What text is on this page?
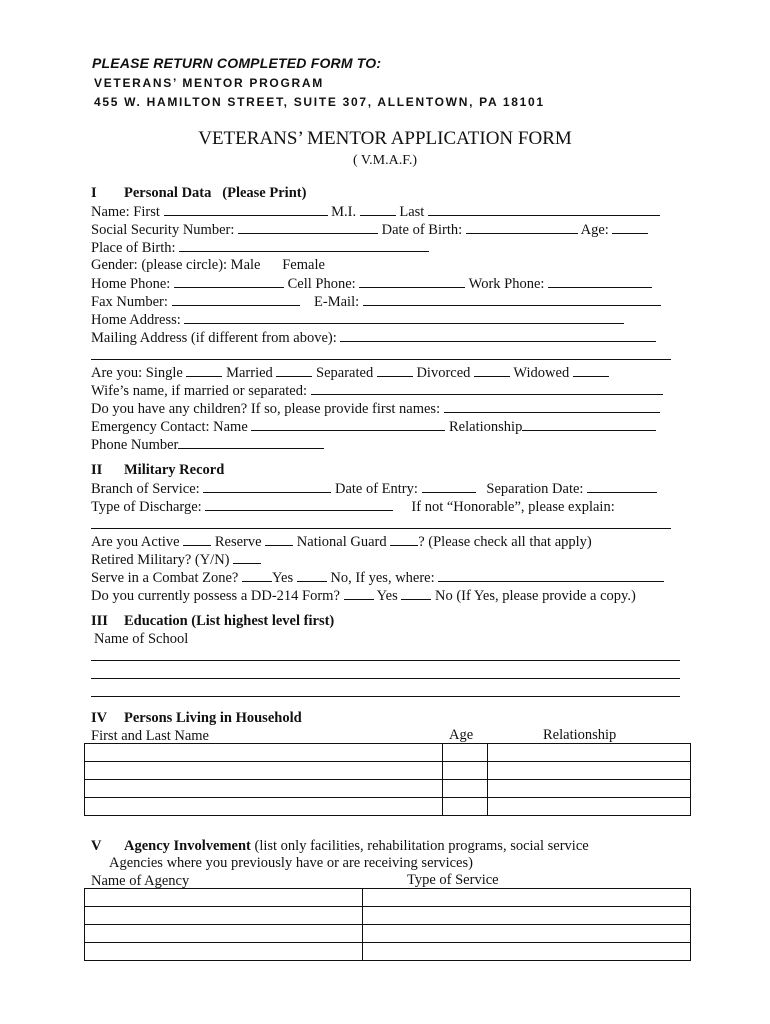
PLEASE RETURN COMPLETED FORM TO:
VETERANS’ MENTOR PROGRAM
455 W. HAMILTON STREET, SUITE 307, ALLENTOWN, PA 18101
VETERANS’ MENTOR APPLICATION FORM
( V.M.A.F.)
I Personal Data (Please Print)
Name: First	M.I.	Last
Social Security Number:	Date of Birth:	Age:
Place of Birth:
Gender: (please circle): Male Female
Home Phone:	Cell Phone:	Work Phone:
Fax Number:	E-Mail:
Home Address:
Mailing Address (if different from above):
Are you: Single	Married	Separated	Divorced	Widowed
Wife’s name, if married or separated:
Do you have any children? If so, please provide first names:
Emergency Contact: Name	Relationship
Phone Number
II Military Record
Branch of Service:	Date of Entry:	Separation Date:
Type of Discharge:	If not “Honorable”, please explain:
Are you Active Reserve National Guard ? (Please check all that apply)
Retired Military? (Y/N)
Serve in a Combat Zone? Yes	No, If yes, where:
Do you currently possess a DD-214 Form?	Yes	No (If Yes, please provide a copy.)
III Education (List highest level first)
Name of School
IV Persons Living in Household
First and Last Name	Age	Relationship

V Agency Involvement (list only facilities, rehabilitation programs, social service
Agencies where you previously have or are receiving services)
Name of Agency	Type of Service
